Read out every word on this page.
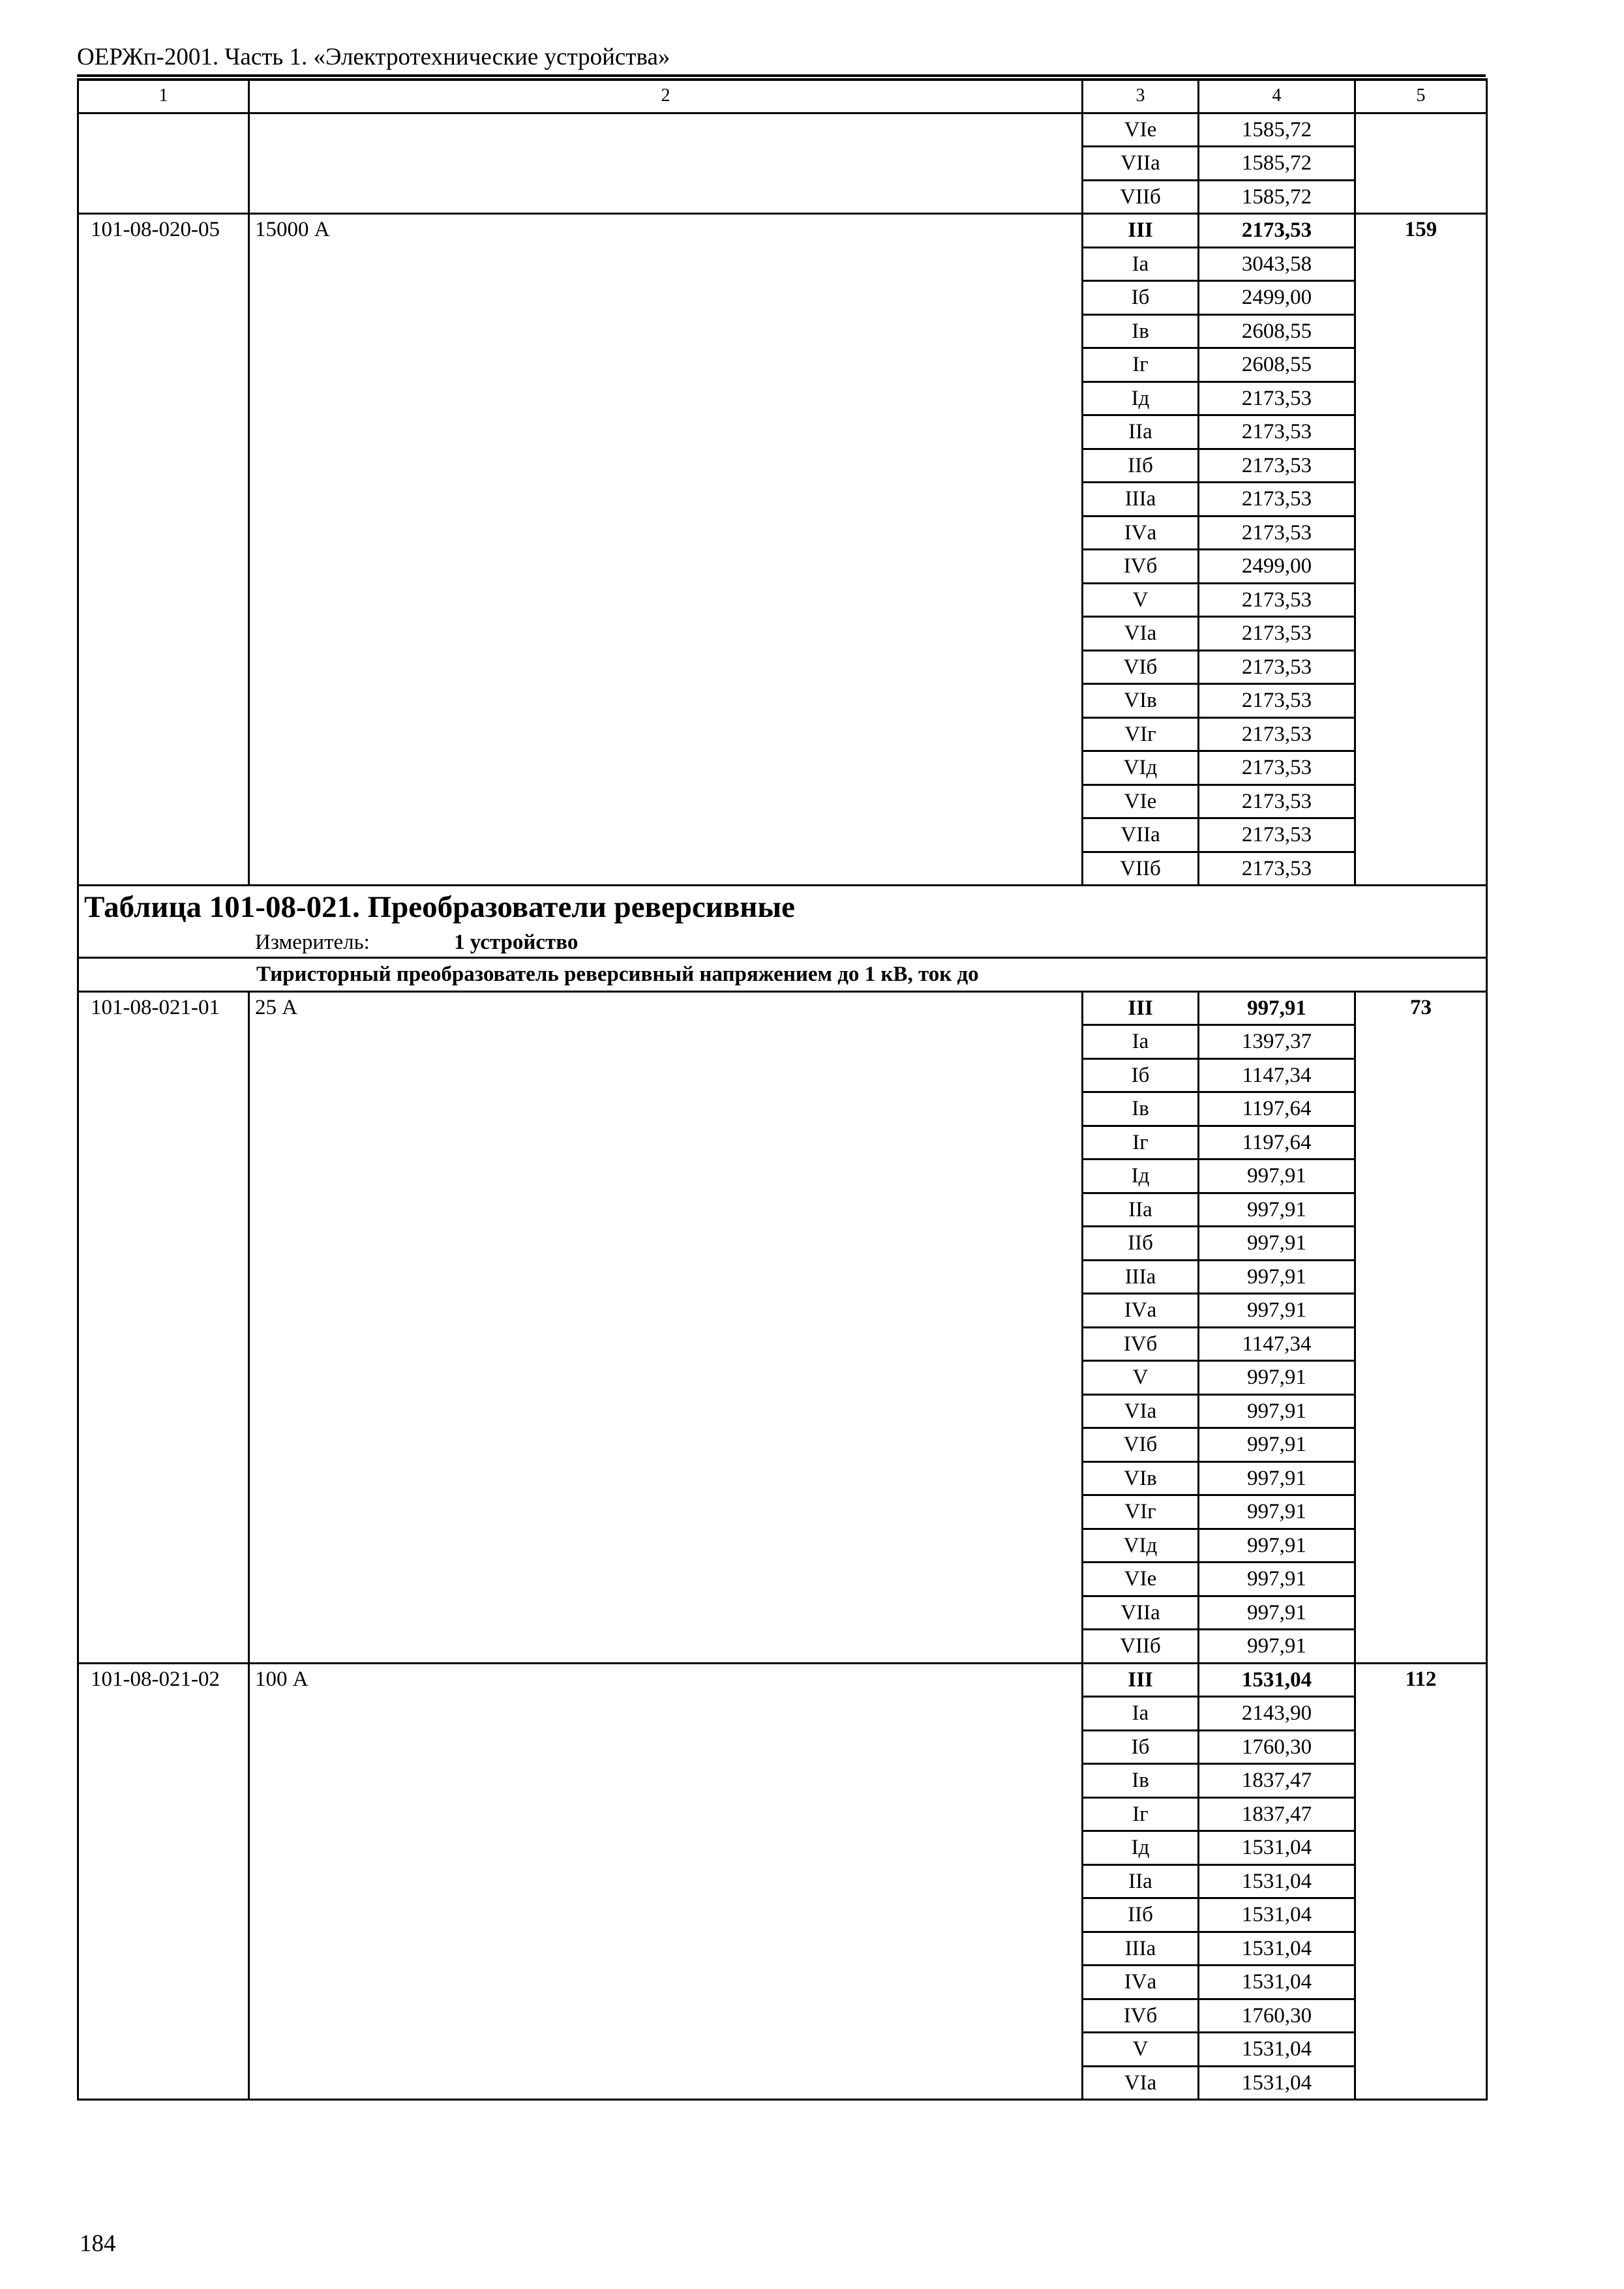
ОЕРЖп-2001. Часть 1. «Электротехнические устройства»
1	2	3	4	5
		VIе	1585,72	
		VIIа	1585,72	
		VIIб	1585,72	
101-08-020-05	15000 А	III	2173,53	159
		Iа	3043,58	
		Iб	2499,00	
		Iв	2608,55	
		Iг	2608,55	
		Iд	2173,53	
		IIа	2173,53	
		IIб	2173,53	
		IIIа	2173,53	
		IVа	2173,53	
		IVб	2499,00	
		V	2173,53	
		VIа	2173,53	
		VIб	2173,53	
		VIв	2173,53	
		VIг	2173,53	
		VIд	2173,53	
		VIе	2173,53	
		VIIа	2173,53	
		VIIб	2173,53	

Таблица 101-08-021. Преобразователи реверсивные
Измеритель: 1 устройство				

Тиристорный преобразователь реверсивный напряжением до 1 кВ, ток до				
101-08-021-01	25 А	III	997,91	73
		Iа	1397,37	
		Iб	1147,34	
		Iв	1197,64	
		Iг	1197,64	
		Iд	997,91	
		IIа	997,91	
		IIб	997,91	
		IIIа	997,91	
		IVа	997,91	
		IVб	1147,34	
		V	997,91	
		VIа	997,91	
		VIб	997,91	
		VIв	997,91	
		VIг	997,91	
		VIд	997,91	
		VIе	997,91	
		VIIа	997,91	
		VIIб	997,91	
101-08-021-02	100 А	III	1531,04	112
		Iа	2143,90	
		Iб	1760,30	
		Iв	1837,47	
		Iг	1837,47	
		Iд	1531,04	
		IIа	1531,04	
		IIб	1531,04	
		IIIа	1531,04	
		IVа	1531,04	
		IVб	1760,30	
		V	1531,04	
		VIа	1531,04	
184
